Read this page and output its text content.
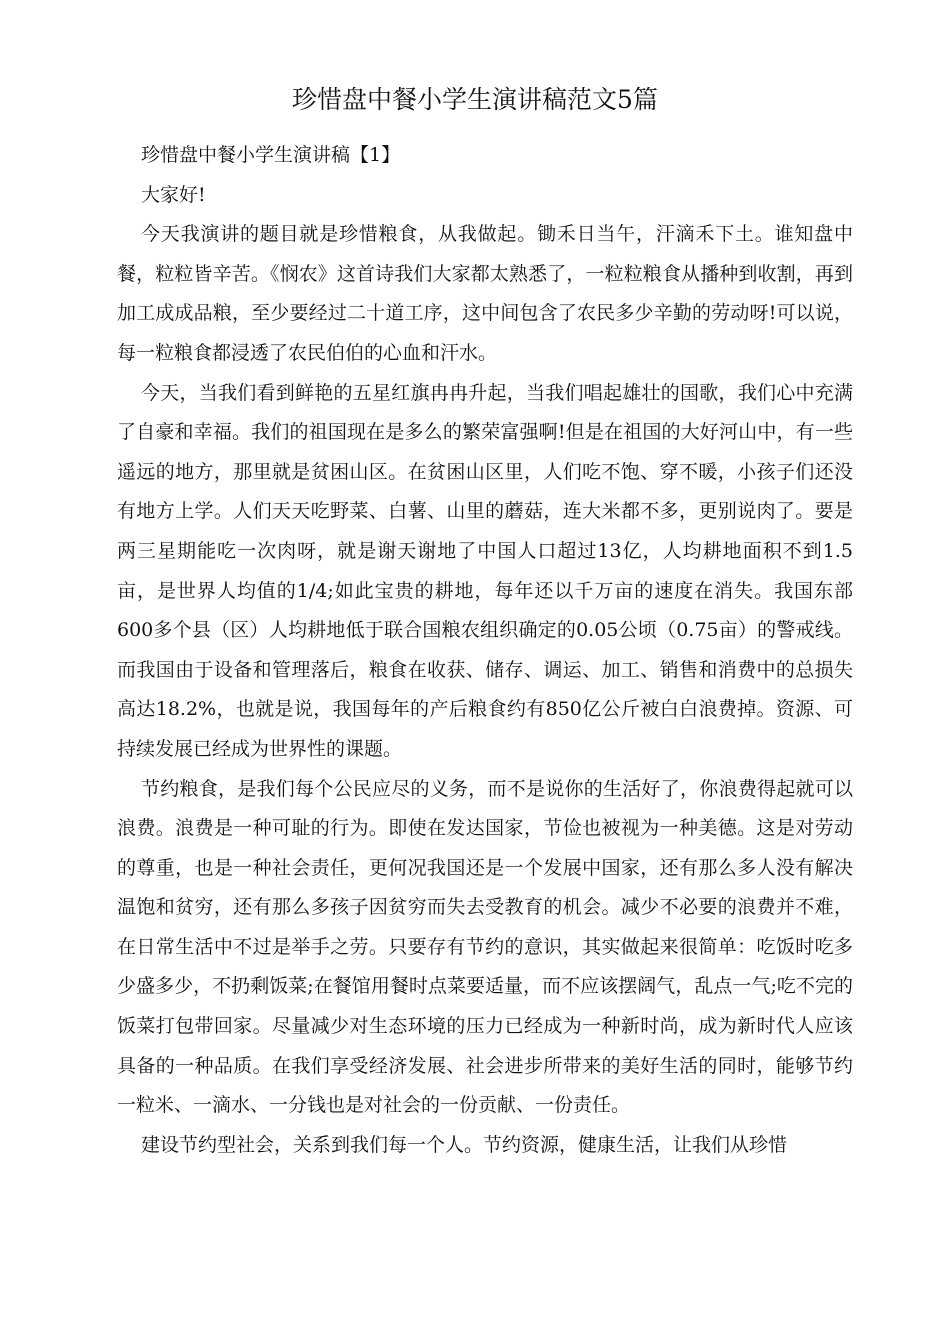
珍惜盘中餐小学生演讲稿范文5篇

珍惜盘中餐小学生演讲稿【1】

大家好!

今天我演讲的题目就是珍惜粮食，从我做起。锄禾日当午，汗滴禾下土。谁知盘中餐，粒粒皆辛苦。《悯农》这首诗我们大家都太熟悉了，一粒粒粮食从播种到收割，再到加工成成品粮，至少要经过二十道工序，这中间包含了农民多少辛勤的劳动呀!可以说，每一粒粮食都浸透了农民伯伯的心血和汗水。

今天，当我们看到鲜艳的五星红旗冉冉升起，当我们唱起雄壮的国歌，我们心中充满了自豪和幸福。我们的祖国现在是多么的繁荣富强啊!但是在祖国的大好河山中，有一些遥远的地方，那里就是贫困山区。在贫困山区里，人们吃不饱、穿不暖，小孩子们还没有地方上学。人们天天吃野菜、白薯、山里的蘑菇，连大米都不多，更别说肉了。要是两三星期能吃一次肉呀，就是谢天谢地了中国人口超过13亿，人均耕地面积不到1.5亩，是世界人均值的1/4;如此宝贵的耕地，每年还以千万亩的速度在消失。我国东部600多个县（区）人均耕地低于联合国粮农组织确定的0.05公顷（0.75亩）的警戒线。而我国由于设备和管理落后，粮食在收获、储存、调运、加工、销售和消费中的总损失高达18.2%，也就是说，我国每年的产后粮食约有850亿公斤被白白浪费掉。资源、可持续发展已经成为世界性的课题。

节约粮食，是我们每个公民应尽的义务，而不是说你的生活好了，你浪费得起就可以浪费。浪费是一种可耻的行为。即使在发达国家，节俭也被视为一种美德。这是对劳动的尊重，也是一种社会责任，更何况我国还是一个发展中国家，还有那么多人没有解决温饱和贫穷，还有那么多孩子因贫穷而失去受教育的机会。减少不必要的浪费并不难，在日常生活中不过是举手之劳。只要存有节约的意识，其实做起来很简单：吃饭时吃多少盛多少，不扔剩饭菜;在餐馆用餐时点菜要适量，而不应该摆阔气，乱点一气;吃不完的饭菜打包带回家。尽量减少对生态环境的压力已经成为一种新时尚，成为新时代人应该具备的一种品质。在我们享受经济发展、社会进步所带来的美好生活的同时，能够节约一粒米、一滴水、一分钱也是对社会的一份贡献、一份责任。

建设节约型社会，关系到我们每一个人。节约资源，健康生活，让我们从珍惜
